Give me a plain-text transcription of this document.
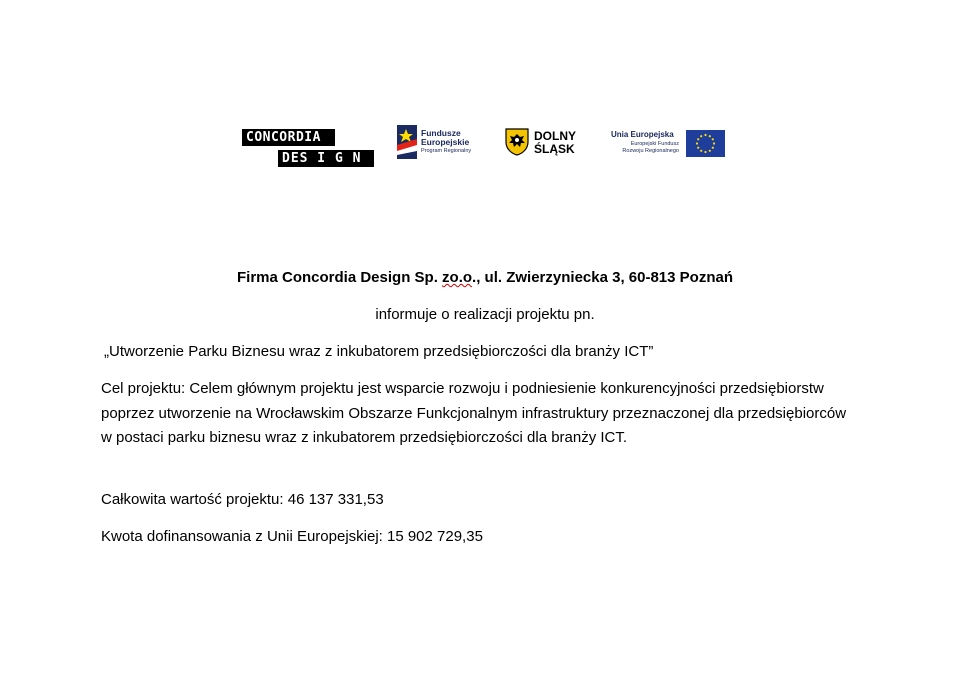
CONCORDIA
DES I G N
Fundusze
Europejskie
Program Regionalny
DOLNY
ŚLĄSK
Unia Europejska
Europejski Fundusz
Rozwoju Regionalnego
Firma Concordia Design Sp. zo.o., ul. Zwierzyniecka 3, 60-813 Poznań
informuje o realizacji projektu pn.
„Utworzenie Parku Biznesu wraz z inkubatorem przedsiębiorczości dla branży ICT”
Cel projektu: Celem głównym projektu jest wsparcie rozwoju i podniesienie konkurencyjności przedsiębiorstw poprzez utworzenie na Wrocławskim Obszarze Funkcjonalnym infrastruktury przeznaczonej dla przedsiębiorców w postaci parku biznesu wraz z inkubatorem przedsiębiorczości dla branży ICT.
Całkowita wartość projektu: 46 137 331,53
Kwota dofinansowania z Unii Europejskiej: 15 902 729,35
